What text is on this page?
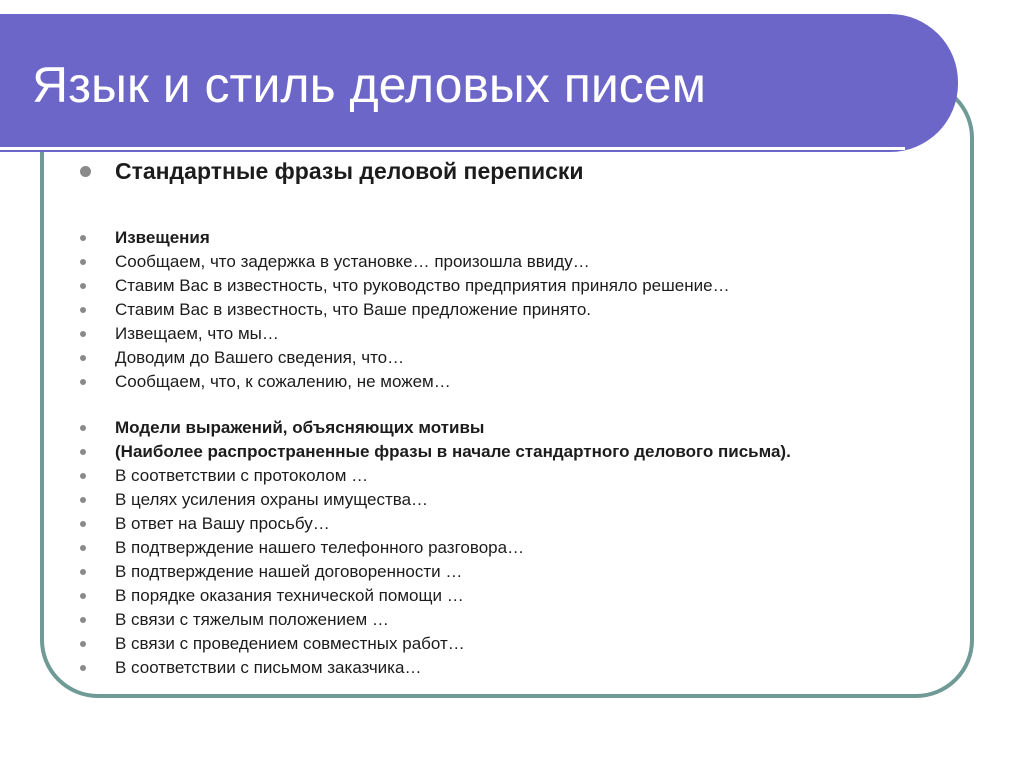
Язык и стиль деловых писем
Стандартные фразы деловой переписки
Извещения
Сообщаем, что задержка в установке… произошла ввиду…
Ставим Вас в известность, что руководство предприятия приняло решение…
Ставим Вас в известность, что Ваше предложение принято.
Извещаем, что мы…
Доводим до Вашего сведения, что…
Сообщаем, что, к сожалению, не можем…
Модели выражений, объясняющих мотивы
(Наиболее распространенные фразы в начале стандартного делового письма).
В соответствии с протоколом …
В целях усиления охраны имущества…
В ответ на Вашу просьбу…
В подтверждение нашего телефонного разговора…
В подтверждение нашей договоренности …
В порядке оказания технической помощи …
В связи с тяжелым положением …
В связи с проведением совместных работ…
В соответствии с письмом заказчика…
